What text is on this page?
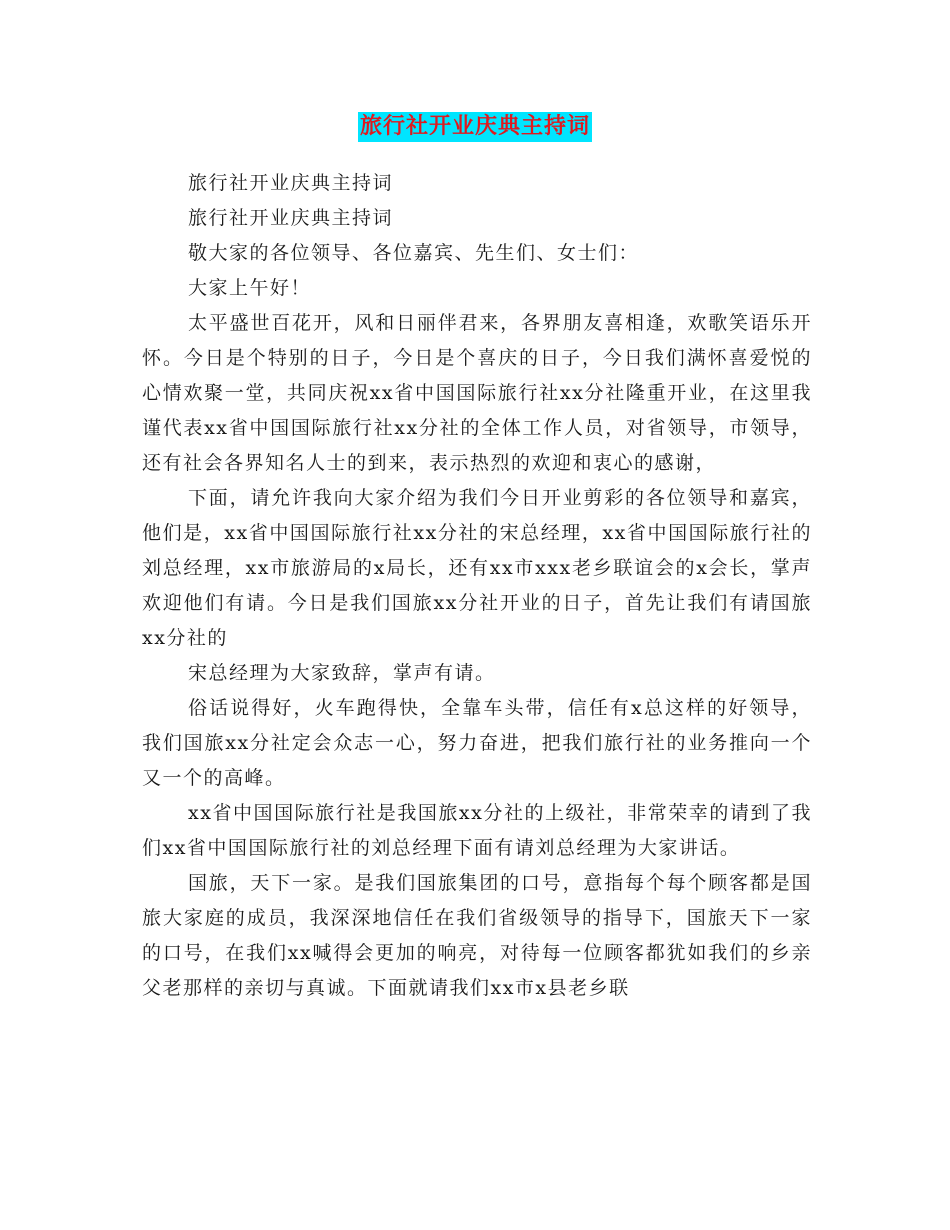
旅行社开业庆典主持词

旅行社开业庆典主持词

旅行社开业庆典主持词

敬大家的各位领导、各位嘉宾、先生们、女士们：

大家上午好！

太平盛世百花开，风和日丽伴君来，各界朋友喜相逢，欢歌笑语乐开怀。今日是个特别的日子，今日是个喜庆的日子，今日我们满怀喜爱悦的心情欢聚一堂，共同庆祝xx省中国国际旅行社xx分社隆重开业，在这里我谨代表xx省中国国际旅行社xx分社的全体工作人员，对省领导，市领导，还有社会各界知名人士的到来，表示热烈的欢迎和衷心的感谢，

下面，请允许我向大家介绍为我们今日开业剪彩的各位领导和嘉宾，他们是，xx省中国国际旅行社xx分社的宋总经理，xx省中国国际旅行社的刘总经理，xx市旅游局的x局长，还有xx市xxx老乡联谊会的x会长，掌声欢迎他们有请。今日是我们国旅xx分社开业的日子，首先让我们有请国旅xx分社的

宋总经理为大家致辞，掌声有请。

俗话说得好，火车跑得快，全靠车头带，信任有x总这样的好领导，我们国旅xx分社定会众志一心，努力奋进，把我们旅行社的业务推向一个又一个的高峰。

xx省中国国际旅行社是我国旅xx分社的上级社，非常荣幸的请到了我们xx省中国国际旅行社的刘总经理下面有请刘总经理为大家讲话。

国旅，天下一家。是我们国旅集团的口号，意指每个每个顾客都是国旅大家庭的成员，我深深地信任在我们省级领导的指导下，国旅天下一家的口号，在我们xx喊得会更加的响亮，对待每一位顾客都犹如我们的乡亲父老那样的亲切与真诚。下面就请我们xx市x县老乡联
